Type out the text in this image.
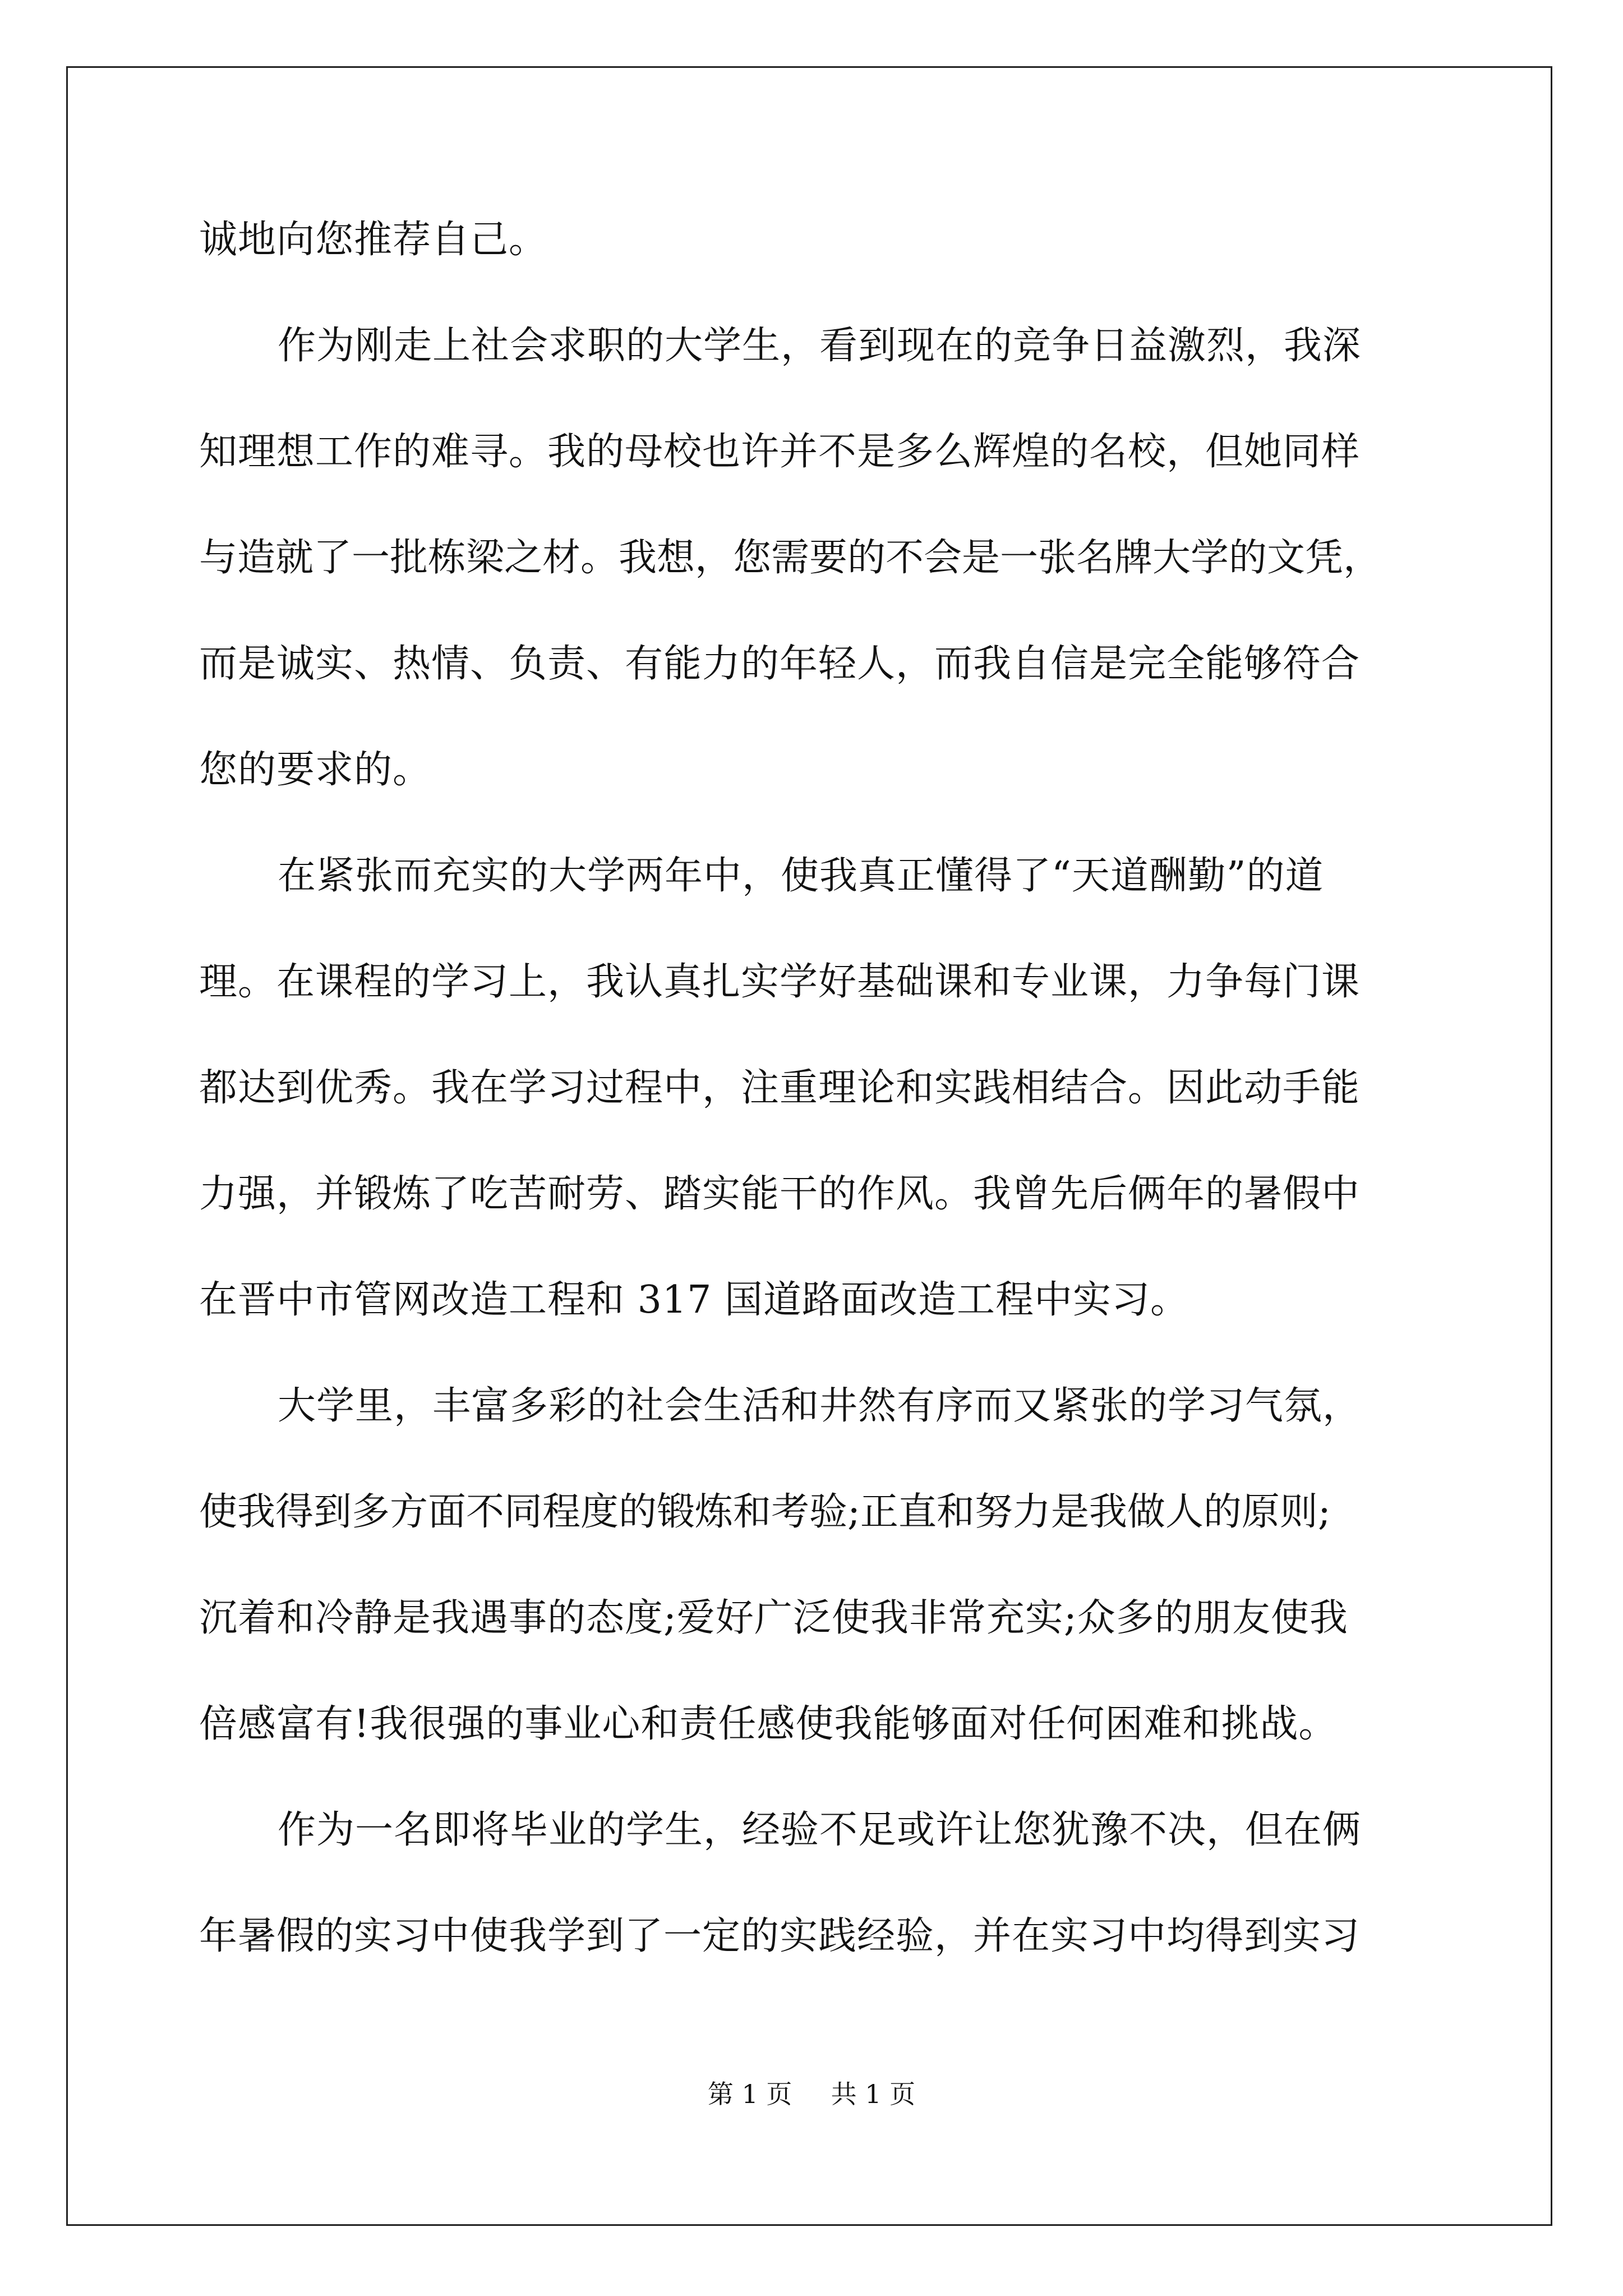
诚地向您推荐自己。
作为刚走上社会求职的大学生，看到现在的竞争日益激烈，我深
知理想工作的难寻。我的母校也许并不是多么辉煌的名校，但她同样
与造就了一批栋梁之材。我想，您需要的不会是一张名牌大学的文凭，
而是诚实、热情、负责、有能力的年轻人，而我自信是完全能够符合
您的要求的。
在紧张而充实的大学两年中，使我真正懂得了“天道酬勤”的道
理。在课程的学习上，我认真扎实学好基础课和专业课，力争每门课
都达到优秀。我在学习过程中，注重理论和实践相结合。因此动手能
力强，并锻炼了吃苦耐劳、踏实能干的作风。我曾先后俩年的暑假中
在晋中市管网改造工程和 317 国道路面改造工程中实习。
大学里，丰富多彩的社会生活和井然有序而又紧张的学习气氛，
使我得到多方面不同程度的锻炼和考验;正直和努力是我做人的原则;
沉着和冷静是我遇事的态度;爱好广泛使我非常充实;众多的朋友使我
倍感富有!我很强的事业心和责任感使我能够面对任何困难和挑战。
作为一名即将毕业的学生，经验不足或许让您犹豫不决，但在俩
年暑假的实习中使我学到了一定的实践经验，并在实习中均得到实习
第 1 页 共 1 页
